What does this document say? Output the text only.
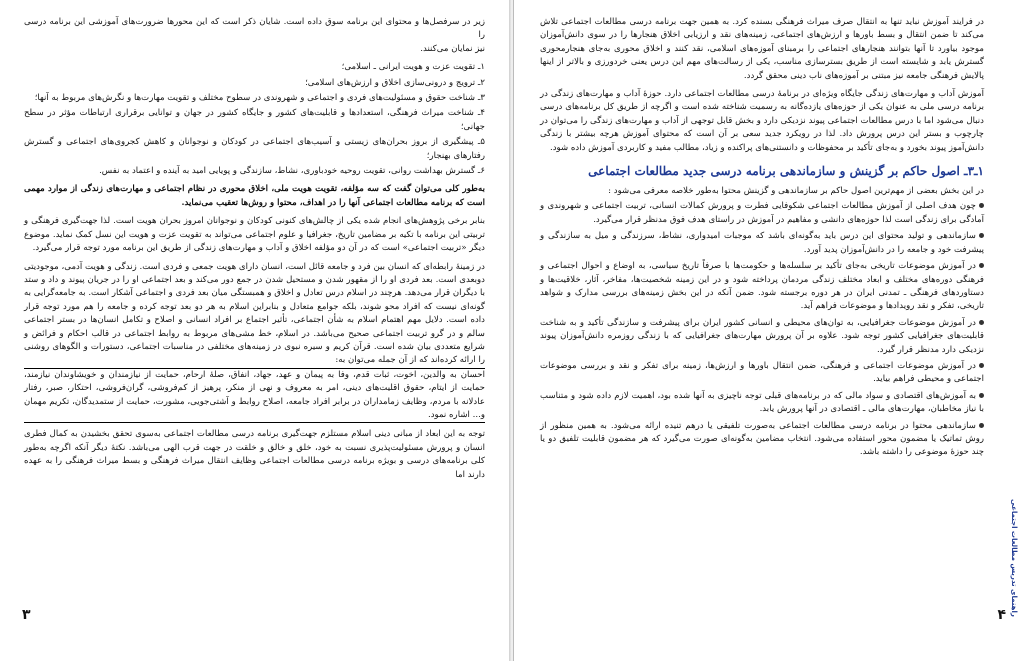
زیر در سرفصل‌ها و محتوای این برنامه سوق داده است. شایان ذکر است که این محورها ضرورت‌های آموزشی این برنامه درسی را

نیز نمایان می‌کنند.

۱ـ تقویت عزت و هویت ایرانی ـ اسلامی؛

۲ـ ترویج و درونی‌سازی اخلاق و ارزش‌های اسلامی؛

۳ـ شناخت حقوق و مسئولیت‌های فردی و اجتماعی و شهروندی در سطوح مختلف و تقویت مهارت‌ها و نگرش‌های مربوط به آنها؛

۴ـ شناخت میراث فرهنگی، استعدادها و قابلیت‌های کشور و جایگاه کشور در جهان و توانایی برقراری ارتباطات مؤثر در سطح جهانی؛

۵ـ پیشگیری از بروز بحران‌های زیستی و آسیب‌های اجتماعی در کودکان و نوجوانان و کاهش کجروی‌های اجتماعی و گسترش رفتارهای بهنجار؛

۶ـ گسترش بهداشت روانی، تقویت روحیه خودباوری، نشاط، سازندگی و پویایی امید به آینده و اعتماد به نفس.

به‌طور کلی می‌توان گفت که سه مؤلفه، تقویت هویت ملی، اخلاق محوری در نظام اجتماعی و مهارت‌های زندگی از موارد مهمی است که برنامه مطالعات اجتماعی آنها را در اهداف، محتوا و روش‌ها تعقیب می‌نماید.

بنابر برخی پژوهش‌های انجام شده یکی از چالش‌های کنونی کودکان و نوجوانان امروز بحران هویت است. لذا جهت‌گیری فرهنگی و تربیتی این برنامه با تکیه بر مضامین تاریخ، جغرافیا و علوم اجتماعی می‌تواند به تقویت عزت و هویت این نسل کمک نماید. موضوع دیگر «تربیت اجتماعی» است که در آن دو مؤلفه اخلاق و آداب و مهارت‌های زندگی از طریق این برنامه مورد توجه قرار می‌گیرد.

در زمینهٔ رابطه‌ای که انسان بین فرد و جامعه قائل است، انسان دارای هویت جمعی و فردی است. زندگی و هویت آدمی، موجودیتی دوبعدی است. بعد فردی او را از مقهور شدن و مستحیل شدن در جمع دور می‌کند و بعد اجتماعی او را در جریان پیوند و داد و ستد با دیگران قرار می‌دهد. هرچند در اسلام درس تعادل و اخلاق و همبستگی میان بعد فردی و اجتماعی آشکار است. به جامعه‌گرایی به گونه‌ای نیست که افراد محو شوند، بلکه جوامع متعادل و بنابراین اسلام به هر دو بعد توجه کرده و جامعه را هم مورد توجه قرار داده است. دلایل مهم اهتمام اسلام به شأن اجتماعی، تأثیر اجتماع بر افراد انسانی و اصلاح و تکامل انسان‌ها در بستر اجتماعی سالم و در گرو تربیت اجتماعی صحیح می‌باشد. در اسلام، خط مشی‌های مربوط به روابط اجتماعی در قالب احکام و فرائض و شرایع متعددی بیان شده است. قرآن کریم و سیره نبوی در زمینه‌های مختلفی در مناسبات اجتماعی، دستورات و الگوهای روشنی را ارائه کرده‌اند که از آن جمله می‌توان به:

احسان به والدین، اخوت، ثبات قدم، وفا به پیمان و عهد، جهاد، انفاق، صلهٔ ارحام، حمایت از نیازمندان و خویشاوندان نیازمند، حمایت از ایتام، حقوق اقلیت‌های دینی، امر به معروف و نهی از منکر، پرهیز از کم‌فروشی، گران‌فروشی، احتکار، صبر، رفتار عادلانه با مردم، وظایف زمامداران در برابر افراد جامعه، اصلاح روابط و آشتی‌جویی، مشورت، حمایت از ستمدیدگان، تکریم مهمان و... اشاره نمود.

توجه به این ابعاد از مبانی دینی اسلام مستلزم جهت‌گیری برنامه درسی مطالعات اجتماعی به‌سوی تحقق بخشیدن به کمال فطری انسان و پرورش مسئولیت‌پذیری نسبت به خود، خلق و خالق و خلقت در جهت قرب الهی می‌باشد. نکتهٔ دیگر آنکه اگرچه به‌طور کلی برنامه‌های درسی و بویژه برنامه درسی مطالعات اجتماعی وظایف انتقال میراث فرهنگی و بسط میراث فرهنگی را به عهده دارند اما

۳

در فرایند آموزش نباید تنها به انتقال صرف میراث فرهنگی بسنده کرد. به همین جهت برنامه درسی مطالعات اجتماعی تلاش می‌کند تا ضمن انتقال و بسط باورها و ارزش‌های اجتماعی، زمینه‌های نقد و ارزیابی اخلاق هنجارها را در سوی دانش‌آموزان موجود بیاورد تا آنها بتوانند هنجارهای اجتماعی را برمبنای آموزه‌های اسلامی، نقد کنند و اخلاق محوری به‌جای هنجارمحوری گسترش یابد و شایسته است از طریق بسترسازی مناسب، یکی از رسالت‌های مهم این درس یعنی خردورزی و بالاتر از اینها پالایش فرهنگی جامعه نیز مبتنی بر آموزه‌های ناب دینی محقق گردد.

آموزش آداب و مهارت‌های زندگی جایگاه ویژه‌ای در برنامهٔ درسی مطالعات اجتماعی دارد. حوزهٔ آداب و مهارت‌های زندگی در برنامه درسی ملی به عنوان یکی از حوزه‌های یازده‌گانه به رسمیت شناخته شده است و اگرچه از طریق کل برنامه‌های درسی دنبال می‌شود اما با درس مطالعات اجتماعی پیوند نزدیکی دارد و بخش قابل توجهی از آداب و مهارت‌های زندگی را می‌توان در چارچوب و بستر این درس پرورش داد. لذا در رویکرد جدید سعی بر آن است که محتوای آموزش هرچه بیشتر با زندگی دانش‌آموز پیوند بخورد و به‌جای تأکید بر محفوظات و دانستنی‌های پراکنده و زیاد، مطالب مفید و کاربردی آموزش داده شود.

۱ـ۳ـ اصول حاکم بر گزینش و سازماندهی برنامه درسی جدید مطالعات اجتماعی

در این بخش بعضی از مهم‌ترین اصول حاکم بر سازماندهی و گزینش محتوا به‌طور خلاصه معرفی می‌شود :

چون هدف اصلی از آموزش مطالعات اجتماعی شکوفایی فطرت و پرورش کمالات انسانی، تربیت اجتماعی و شهروندی و آمادگی برای زندگی است لذا حوزه‌های دانشی و مفاهیم در آموزش در راستای هدف فوق مدنظر قرار می‌گیرد.

سازماندهی و تولید محتوای این درس باید به‌گونه‌ای باشد که موجبات امیدواری، نشاط، سرزندگی و میل به سازندگی و پیشرفت خود و جامعه را در دانش‌آموزان پدید آورد.

در آموزش موضوعات تاریخی به‌جای تأکید بر سلسله‌ها و حکومت‌ها با صرفاً تاریخ سیاسی، به اوضاع و احوال اجتماعی و فرهنگی دوره‌های مختلف و ابعاد مختلف زندگی مردمان پرداخته شود و در این زمینه شخصیت‌ها، مفاخر، آثار، خلاقیت‌ها و دستاوردهای فرهنگی ـ تمدنی ایران در هر دوره برجسته شود. ضمن آنکه در این بخش زمینه‌های بررسی مدارک و شواهد تاریخی، تفکر و نقد رویدادها و موضوعات فراهم آید.

در آموزش موضوعات جغرافیایی، به توان‌های محیطی و انسانی کشور ایران برای پیشرفت و سازندگی تأکید و به شناخت قابلیت‌های جغرافیایی کشور توجه شود. علاوه بر آن پرورش مهارت‌های جغرافیایی که با زندگی روزمره دانش‌آموزان پیوند نزدیکی دارد مدنظر قرار گیرد.

در آموزش موضوعات اجتماعی و فرهنگی، ضمن انتقال باورها و ارزش‌ها، زمینه برای تفکر و نقد و بررسی موضوعات اجتماعی و محیطی فراهم بیاید.

به آموزش‌های اقتصادی و سواد مالی که در برنامه‌های قبلی توجه ناچیزی به آنها شده بود، اهمیت لازم داده شود و متناسب با نیاز مخاطبان، مهارت‌های مالی ـ اقتصادی در آنها پرورش یابد.

سازماندهی محتوا در برنامه درسی مطالعات اجتماعی به‌صورت تلفیقی یا درهم تنیده ارائه می‌شود. به همین منظور از روش تماتیک یا مضمون محور استفاده می‌شود. انتخاب مضامین به‌گونه‌ای صورت می‌گیرد که هر مضمون قابلیت تلفیق دو یا چند حوزهٔ موضوعی را داشته باشد.

۴ راهنمای تدریس مطالعات اجتماعی
